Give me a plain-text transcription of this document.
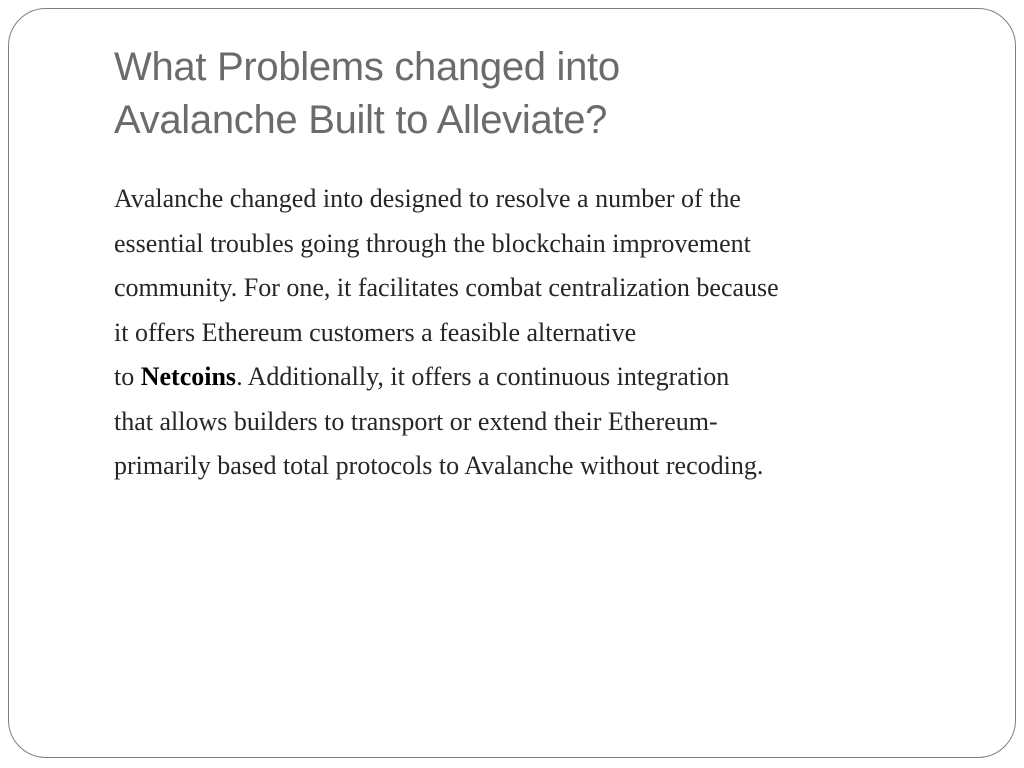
What Problems changed into
Avalanche Built to Alleviate?
Avalanche changed into designed to resolve a number of the
essential troubles going through the blockchain improvement
community. For one, it facilitates combat centralization because
it offers Ethereum customers a feasible alternative
to Netcoins. Additionally, it offers a continuous integration
that allows builders to transport or extend their Ethereum-
primarily based total protocols to Avalanche without recoding.
